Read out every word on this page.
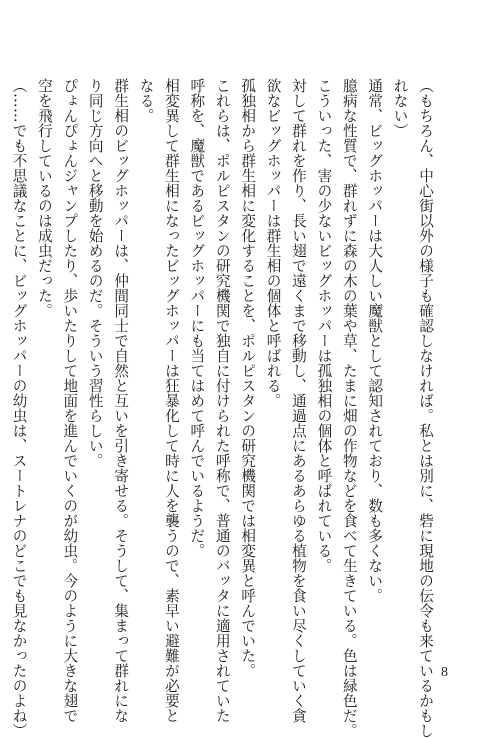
（もちろん、中心街以外の様子も確認しなければ。私とは別に、砦に現地の伝令も来ているかもし
れない）
通常、ビッグホッパーは大人しい魔獣として認知されており、数も多くない。
臆病な性質で、群れずに森の木の葉や草、たまに畑の作物などを食べて生きている。色は緑色だ。
こういった、害の少ないビッグホッパーは孤独相の個体と呼ばれている。
対して群れを作り、長い翅で遠くまで移動し、通過点にあるあらゆる植物を食い尽くしていく貪
欲なビッグホッパーは群生相の個体と呼ばれる。
孤独相から群生相に変化することを、ポルピスタンの研究機関では相変異と呼んでいた。
これらは、ポルピスタンの研究機関で独自に付けられた呼称で、普通のバッタに適用されていた
呼称を、魔獣であるビッグホッパーにも当てはめて呼んでいるようだ。
相変異して群生相になったビッグホッパーは狂暴化して時に人を襲うので、素早い避難が必要と
なる。
群生相のビッグホッパーは、仲間同士で自然と互いを引き寄せる。そうして、集まって群れにな
り同じ方向へと移動を始めるのだ。そういう習性らしい。
ぴょんぴょんジャンプしたり、歩いたりして地面を進んでいくのが幼虫。今のように大きな翅で
空を飛行しているのは成虫だった。
（……でも不思議なことに、ビッグホッパーの幼虫は、スートレナのどこでも見なかったのよね）	8
